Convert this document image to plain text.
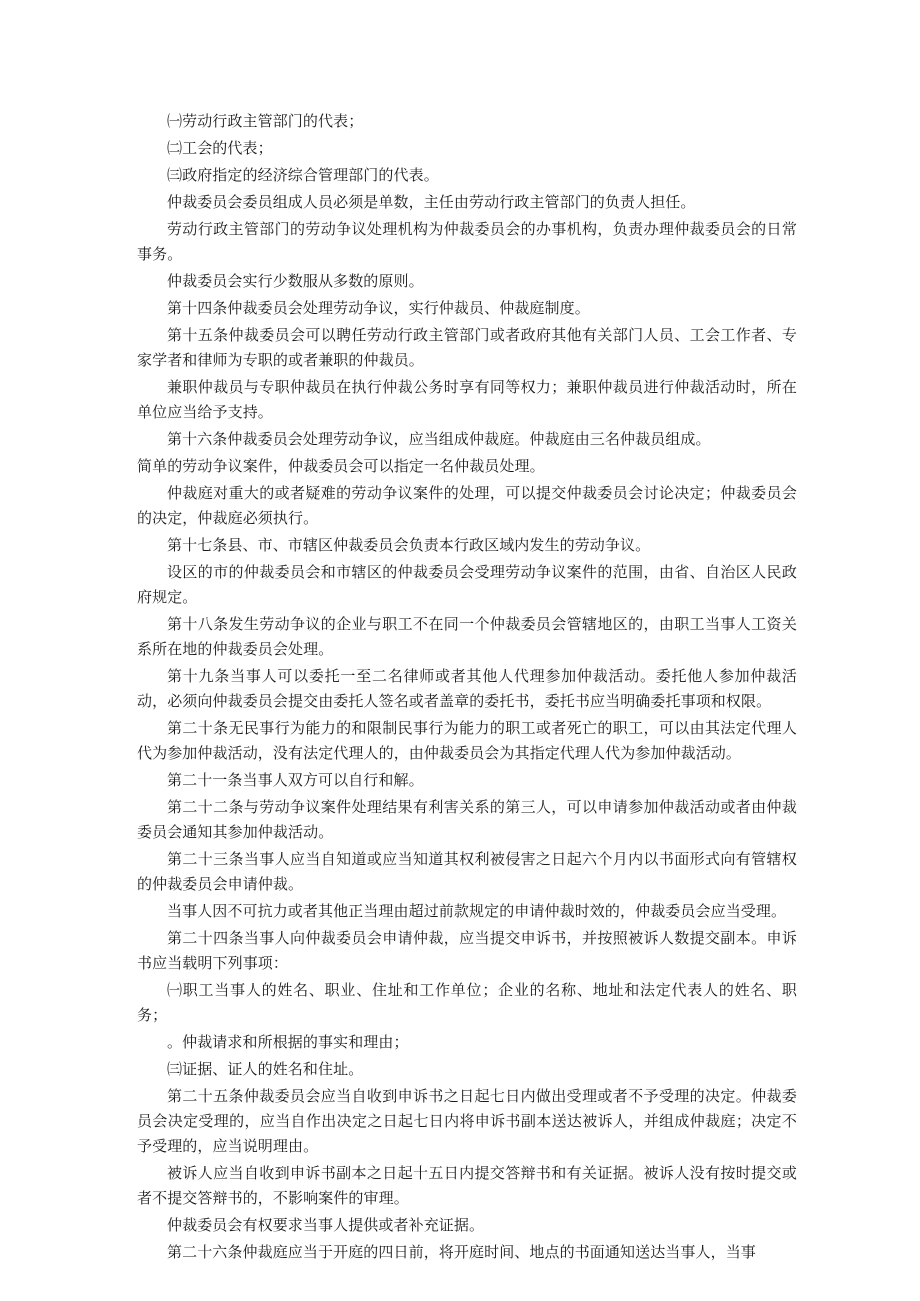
㈠劳动行政主管部门的代表；

㈡工会的代表；

㈢政府指定的经济综合管理部门的代表。

仲裁委员会委员组成人员必须是单数，主任由劳动行政主管部门的负责人担任。

劳动行政主管部门的劳动争议处理机构为仲裁委员会的办事机构，负责办理仲裁委员会的日常事务。

仲裁委员会实行少数服从多数的原则。

第十四条仲裁委员会处理劳动争议，实行仲裁员、仲裁庭制度。

第十五条仲裁委员会可以聘任劳动行政主管部门或者政府其他有关部门人员、工会工作者、专家学者和律师为专职的或者兼职的仲裁员。

兼职仲裁员与专职仲裁员在执行仲裁公务时享有同等权力；兼职仲裁员进行仲裁活动时，所在单位应当给予支持。

第十六条仲裁委员会处理劳动争议，应当组成仲裁庭。仲裁庭由三名仲裁员组成。

简单的劳动争议案件，仲裁委员会可以指定一名仲裁员处理。

仲裁庭对重大的或者疑难的劳动争议案件的处理，可以提交仲裁委员会讨论决定；仲裁委员会的决定，仲裁庭必须执行。

第十七条县、市、市辖区仲裁委员会负责本行政区域内发生的劳动争议。

设区的市的仲裁委员会和市辖区的仲裁委员会受理劳动争议案件的范围，由省、自治区人民政府规定。

第十八条发生劳动争议的企业与职工不在同一个仲裁委员会管辖地区的，由职工当事人工资关系所在地的仲裁委员会处理。

第十九条当事人可以委托一至二名律师或者其他人代理参加仲裁活动。委托他人参加仲裁活动，必须向仲裁委员会提交由委托人签名或者盖章的委托书，委托书应当明确委托事项和权限。

第二十条无民事行为能力的和限制民事行为能力的职工或者死亡的职工，可以由其法定代理人代为参加仲裁活动，没有法定代理人的，由仲裁委员会为其指定代理人代为参加仲裁活动。

第二十一条当事人双方可以自行和解。

第二十二条与劳动争议案件处理结果有利害关系的第三人，可以申请参加仲裁活动或者由仲裁委员会通知其参加仲裁活动。

第二十三条当事人应当自知道或应当知道其权利被侵害之日起六个月内以书面形式向有管辖权的仲裁委员会申请仲裁。

当事人因不可抗力或者其他正当理由超过前款规定的申请仲裁时效的，仲裁委员会应当受理。

第二十四条当事人向仲裁委员会申请仲裁，应当提交申诉书，并按照被诉人数提交副本。申诉书应当载明下列事项：

㈠职工当事人的姓名、职业、住址和工作单位；企业的名称、地址和法定代表人的姓名、职务；

。仲裁请求和所根据的事实和理由；

㈢证据、证人的姓名和住址。

第二十五条仲裁委员会应当自收到申诉书之日起七日内做出受理或者不予受理的决定。仲裁委员会决定受理的，应当自作出决定之日起七日内将申诉书副本送达被诉人，并组成仲裁庭；决定不予受理的，应当说明理由。

被诉人应当自收到申诉书副本之日起十五日内提交答辩书和有关证据。被诉人没有按时提交或者不提交答辩书的，不影响案件的审理。

仲裁委员会有权要求当事人提供或者补充证据。

第二十六条仲裁庭应当于开庭的四日前，将开庭时间、地点的书面通知送达当事人，当事
